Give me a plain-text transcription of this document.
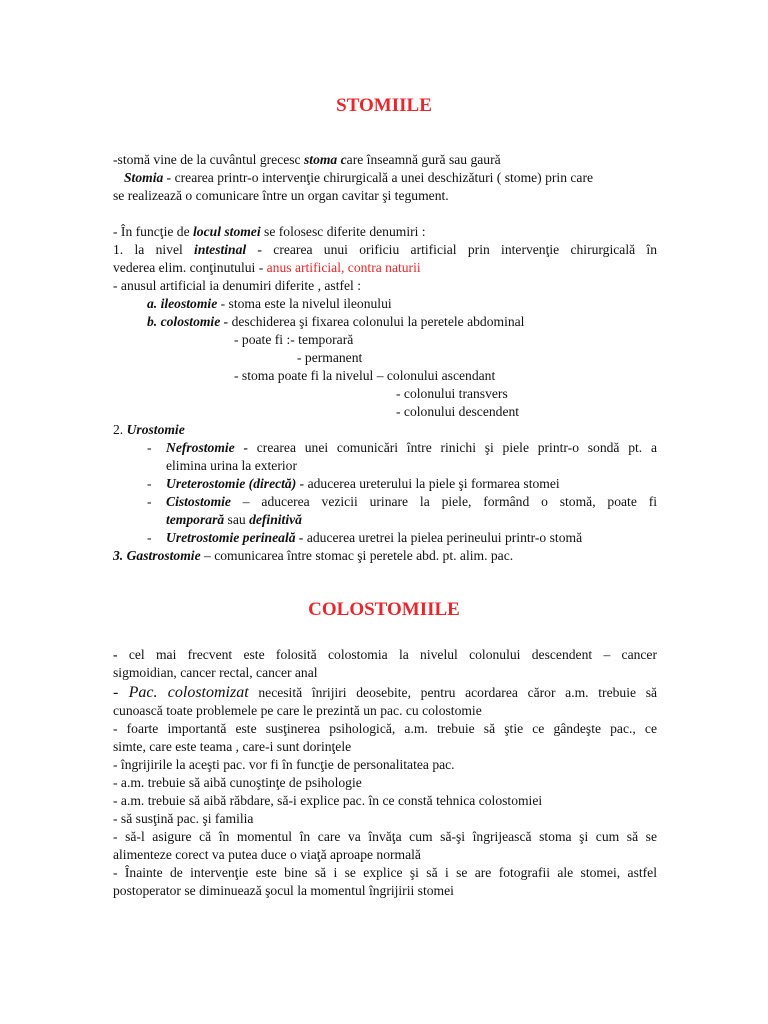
STOMIILE
-stomă vine de la cuvântul grecesc stoma care înseamnă gură sau gaură
Stomia - crearea printr-o intervenţie chirurgicală a unei deschizături ( stome) prin care
se realizează o comunicare între un organ cavitar şi tegument.
- În funcţie de locul stomei se folosesc diferite denumiri :
1. la nivel intestinal - crearea unui orificiu artificial prin intervenţie chirurgicală în
vederea elim. conţinutului - anus artificial, contra naturii
- anusul artificial ia denumiri diferite , astfel :
a. ileostomie - stoma este la nivelul ileonului
b. colostomie - deschiderea şi fixarea colonului la peretele abdominal
- poate fi :- temporară
- permanent
- stoma poate fi la nivelul – colonului ascendant
- colonului transvers
- colonului descendent
2. Urostomie
- Nefrostomie - crearea unei comunicări între rinichi şi piele printr-o sondă pt. a
elimina urina la exterior
- Ureterostomie (directă) - aducerea ureterului la piele şi formarea stomei
- Cistostomie – aducerea vezicii urinare la piele, formând o stomă, poate fi
temporară sau definitivă
- Uretrostomie perineală - aducerea uretrei la pielea perineului printr-o stomă
3. Gastrostomie – comunicarea între stomac şi peretele abd. pt. alim. pac.
COLOSTOMIILE
- cel mai frecvent este folosită colostomia la nivelul colonului descendent – cancer
sigmoidian, cancer rectal, cancer anal
- Pac. colostomizat necesită înrijiri deosebite, pentru acordarea căror a.m. trebuie să
cunoască toate problemele pe care le prezintă un pac. cu colostomie
- foarte importantă este susţinerea psihologică, a.m. trebuie să ştie ce gândeşte pac., ce
simte, care este teama , care-i sunt dorinţele
- îngrijirile la aceşti pac. vor fi în funcţie de personalitatea pac.
- a.m. trebuie să aibă cunoştinţe de psihologie
- a.m. trebuie să aibă răbdare, să-i explice pac. în ce constă tehnica colostomiei
- să susţină pac. şi familia
- să-l asigure că în momentul în care va învăţa cum să-şi îngrijească stoma şi cum să se
alimenteze corect va putea duce o viaţă aproape normală
- Înainte de intervenţie este bine să i se explice şi să i se are fotografii ale stomei, astfel
postoperator se diminuează şocul la momentul îngrijirii stomei
